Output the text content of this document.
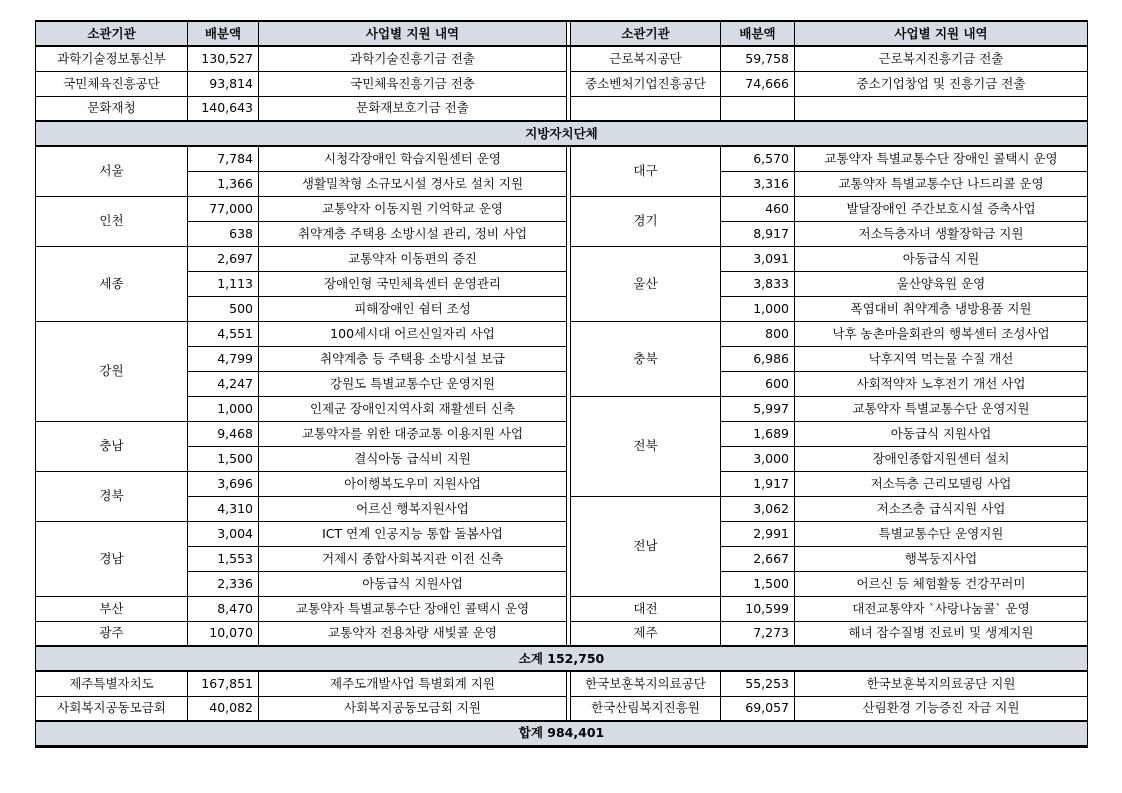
소관기관	배분액	사업별 지원 내역		소관기관	배분액	사업별 지원 내역
과학기술정보통신부	130,527	과학기술진흥기금 전출		근로복지공단	59,758	근로복지진흥기금 전출
국민체육진흥공단	93,814	국민체육진흥기금 전충		중소벤처기업진흥공단	74,666	중소기업창업 및 진흥기금 전출
문화재청	140,643	문화재보호기금 전출				
지방자치단체						
서울	7,784	시청각장애인 학습지원센터 운영		대구	6,570	교통약자 특별교통수단 장애인 콜택시 운영
	1,366	생활밀착형 소규모시설 경사로 설치 지원			3,316	교통약자 특별교통수단 나드리콜 운영
인천	77,000	교통약자 이동지원 기억학교 운영		경기	460	발달장애인 주간보호시설 증축사업
	638	취약계층 주택용 소방시설 관리, 정비 사업			8,917	저소득층자녀 생활장학금 지원
세종	2,697	교통약자 이동편의 증진		울산	3,091	아동급식 지원
	1,113	장애인형 국민체육센터 운영관리			3,833	울산양육원 운영
	500	피해장애인 쉼터 조성			1,000	폭염대비 취약계층 냉방용품 지원
강원	4,551	100세시대 어르신일자리 사업		충북	800	낙후 농촌마을회관의 행복센터 조성사업
	4,799	취약계층 등 주택용 소방시설 보급			6,986	낙후지역 먹는물 수질 개선
	4,247	강원도 특별교통수단 운영지원			600	사회적약자 노후전기 개선 사업
	1,000	인제군 장애인지역사회 재활센터 신축		전북	5,997	교통약자 특별교통수단 운영지원
충남	9,468	교통약자를 위한 대중교통 이용지원 사업			1,689	아동급식 지원사업
	1,500	결식아동 급식비 지원			3,000	장애인종합지원센터 설치
경북	3,696	아이행복도우미 지원사업			1,917	저소득층 근리모델링 사업
	4,310	어르신 행복지원사업		전남	3,062	저소즈층 급식지원 사업
경남	3,004	ICT 연계 인공지능 통합 돌봄사업			2,991	특별교통수단 운영지원
	1,553	거제시 종합사회복지관 이전 신축			2,667	행복둥지사업
	2,336	아동급식 지원사업			1,500	어르신 등 체험활동 건강꾸러미
부산	8,470	교통약자 특별교통수단 장애인 콜택시 운영		대전	10,599	대전교통약자 `사랑나눔콜` 운영
광주	10,070	교통약자 전용차량 새빛콜 운영		제주	7,273	해녀 잠수질병 진료비 및 생계지원
소계 152,750						
제주특별자치도	167,851	제주도개발사업 특별회계 지원		한국보훈복지의료공단	55,253	한국보훈복지의료공단 지원
사회복지공동모금회	40,082	사회복지공동모금회 지원		한국산림복지진흥원	69,057	산림환경 기능증진 자금 지원
합계 984,401						
